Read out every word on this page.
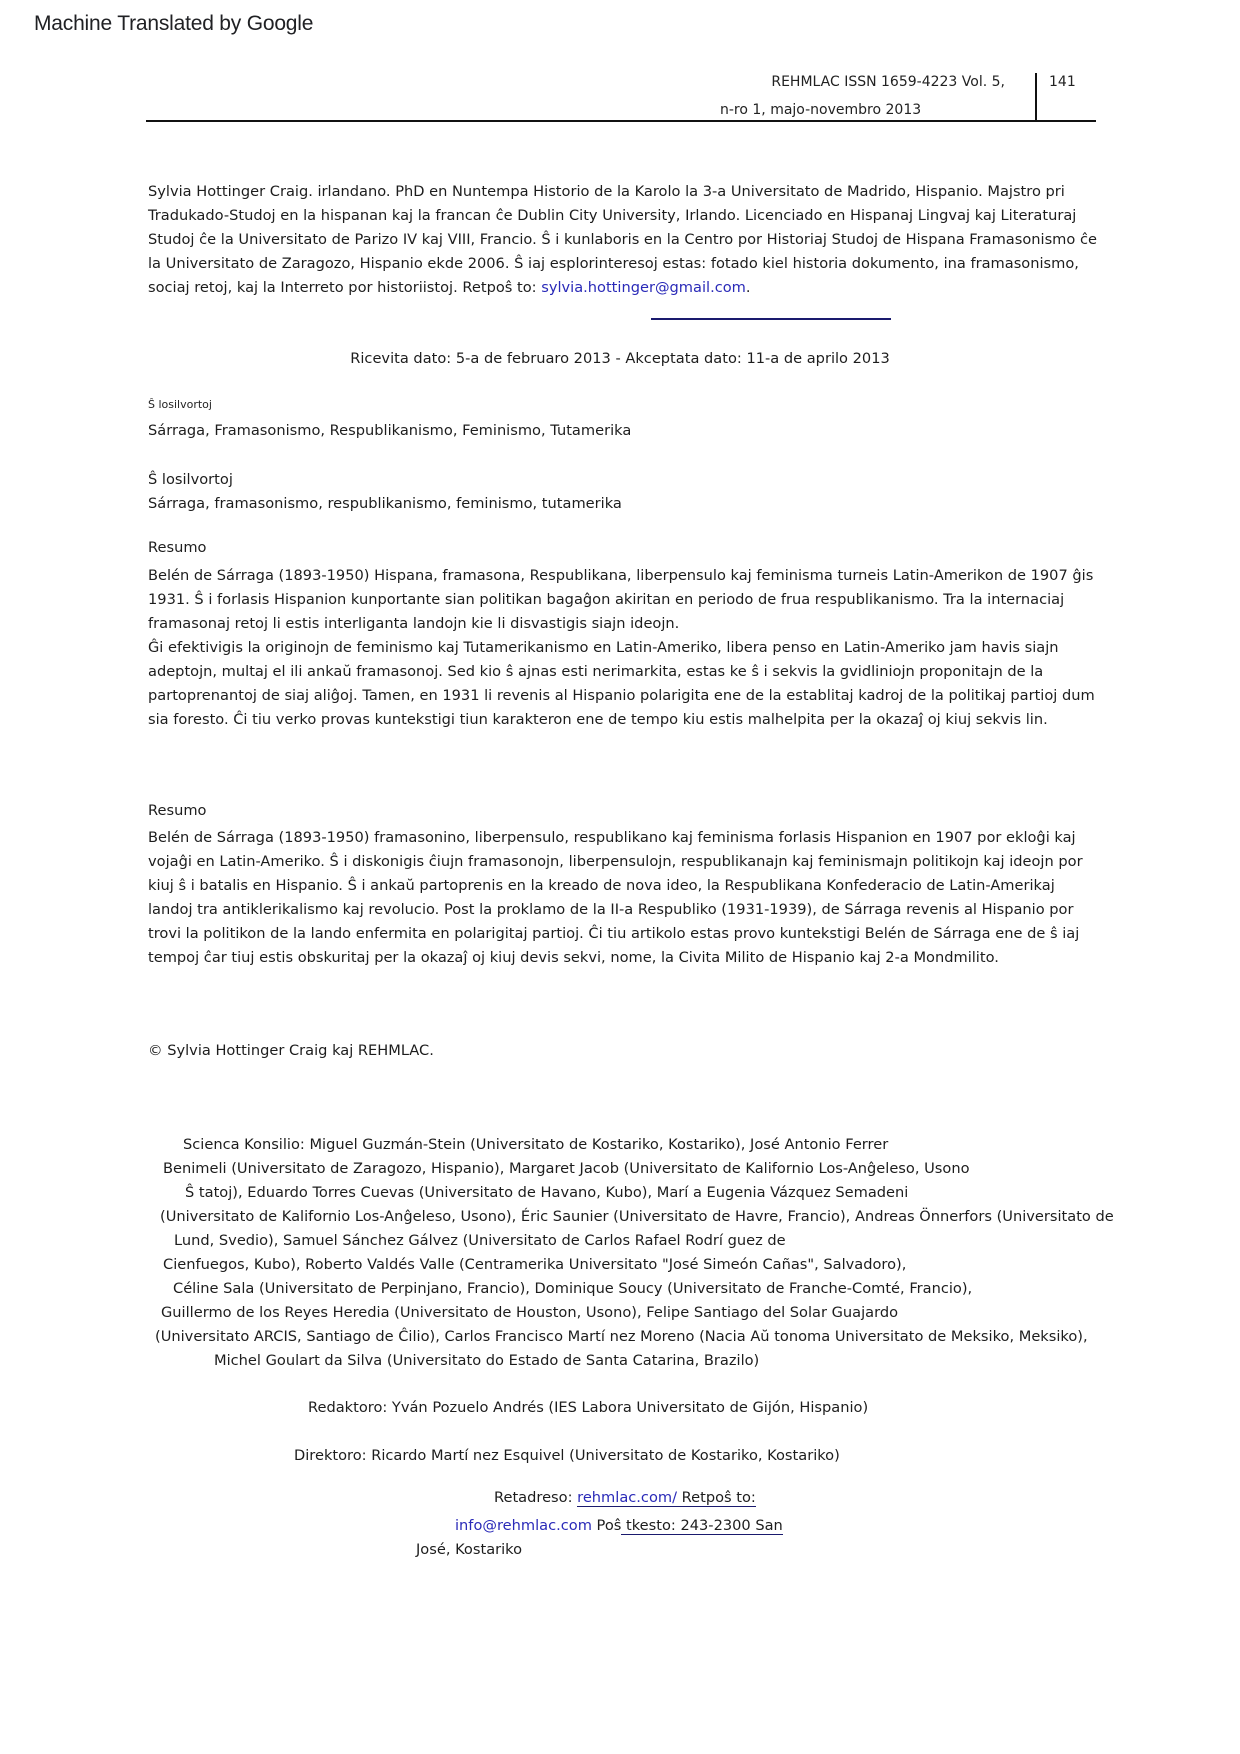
Machine Translated by Google
REHMLAC ISSN 1659-4223 Vol. 5,
n-ro 1, majo-novembro 2013
141
Sylvia Hottinger Craig. irlandano. PhD en Nuntempa Historio de la Karolo la 3-a Universitato de Madrido, Hispanio. Majstro pri Tradukado-Studoj en la hispanan kaj la francan ĉe Dublin City University, Irlando. Licenciado en Hispanaj Lingvaj kaj Literaturaj Studoj ĉe la Universitato de Parizo IV kaj VIII, Francio. Ŝ i kunlaboris en la Centro por Historiaj Studoj de Hispana Framasonismo ĉe la Universitato de Zaragozo, Hispanio ekde 2006. Ŝ iaj esplorinteresoj estas: fotado kiel historia dokumento, ina framasonismo, sociaj retoj, kaj la Interreto por historiistoj. Retpoŝ to: sylvia.hottinger@gmail.com.
Ricevita dato: 5-a de februaro 2013 - Akceptata dato: 11-a de aprilo 2013
Ŝ losilvortoj
Sárraga, Framasonismo, Respublikanismo, Feminismo, Tutamerika
Ŝ losilvortoj
Sárraga, framasonismo, respublikanismo, feminismo, tutamerika
Resumo
Belén de Sárraga (1893-1950) Hispana, framasona, Respublikana, liberpensulo kaj feminisma turneis Latin-Amerikon de 1907 ĝis 1931. Ŝ i forlasis Hispanion kunportante sian politikan bagaĝon akiritan en periodo de frua respublikanismo. Tra la internaciaj framasonaj retoj li estis interliganta landojn kie li disvastigis siajn ideojn.
Ĝi efektivigis la originojn de feminismo kaj Tutamerikanismo en Latin-Ameriko, libera penso en Latin-Ameriko jam havis siajn adeptojn, multaj el ili ankaŭ framasonoj. Sed kio ŝ ajnas esti nerimarkita, estas ke ŝ i sekvis la gvidliniojn proponitajn de la partoprenantoj de siaj aliĝoj. Tamen, en 1931 li revenis al Hispanio polarigita ene de la establitaj kadroj de la politikaj partioj dum sia foresto. Ĉi tiu verko provas kuntekstigi tiun karakteron ene de tempo kiu estis malhelpita per la okazaĵ oj kiuj sekvis lin.
Resumo
Belén de Sárraga (1893-1950) framasonino, liberpensulo, respublikano kaj feminisma forlasis Hispanion en 1907 por ekloĝi kaj vojaĝi en Latin-Ameriko. Ŝ i diskonigis ĉiujn framasonojn, liberpensulojn, respublikanajn kaj feminismajn politikojn kaj ideojn por kiuj ŝ i batalis en Hispanio. Ŝ i ankaŭ partoprenis en la kreado de nova ideo, la Respublikana Konfederacio de Latin-Amerikaj landoj tra antiklerikalismo kaj revolucio. Post la proklamo de la II-a Respubliko (1931-1939), de Sárraga revenis al Hispanio por trovi la politikon de la lando enfermita en polarigitaj partioj. Ĉi tiu artikolo estas provo kuntekstigi Belén de Sárraga ene de ŝ iaj tempoj ĉar tiuj estis obskuritaj per la okazaĵ oj kiuj devis sekvi, nome, la Civita Milito de Hispanio kaj 2-a Mondmilito.
© Sylvia Hottinger Craig kaj REHMLAC.
Scienca Konsilio: Miguel Guzmán-Stein (Universitato de Kostariko, Kostariko), José Antonio Ferrer
Benimeli (Universitato de Zaragozo, Hispanio), Margaret Jacob (Universitato de Kalifornio Los-Anĝeleso, Usono
Ŝ tatoj), Eduardo Torres Cuevas (Universitato de Havano, Kubo), Marí a Eugenia Vázquez Semadeni
(Universitato de Kalifornio Los-Anĝeleso, Usono), Éric Saunier (Universitato de Havre, Francio), Andreas Önnerfors (Universitato de
Lund, Svedio), Samuel Sánchez Gálvez (Universitato de Carlos Rafael Rodrí guez de
Cienfuegos, Kubo), Roberto Valdés Valle (Centramerika Universitato "José Simeón Cañas", Salvadoro),
Céline Sala (Universitato de Perpinjano, Francio), Dominique Soucy (Universitato de Franche-Comté, Francio),
Guillermo de los Reyes Heredia (Universitato de Houston, Usono), Felipe Santiago del Solar Guajardo
(Universitato ARCIS, Santiago de Ĉilio), Carlos Francisco Martí nez Moreno (Nacia Aŭ tonoma Universitato de Meksiko, Meksiko),
Michel Goulart da Silva (Universitato do Estado de Santa Catarina, Brazilo)
Redaktoro: Yván Pozuelo Andrés (IES Labora Universitato de Gijón, Hispanio)
Direktoro: Ricardo Martí nez Esquivel (Universitato de Kostariko, Kostariko)
Retadreso: rehmlac.com/ Retpoŝ to:
info@rehmlac.com Poŝ tkesto: 243-2300 San
José, Kostariko
